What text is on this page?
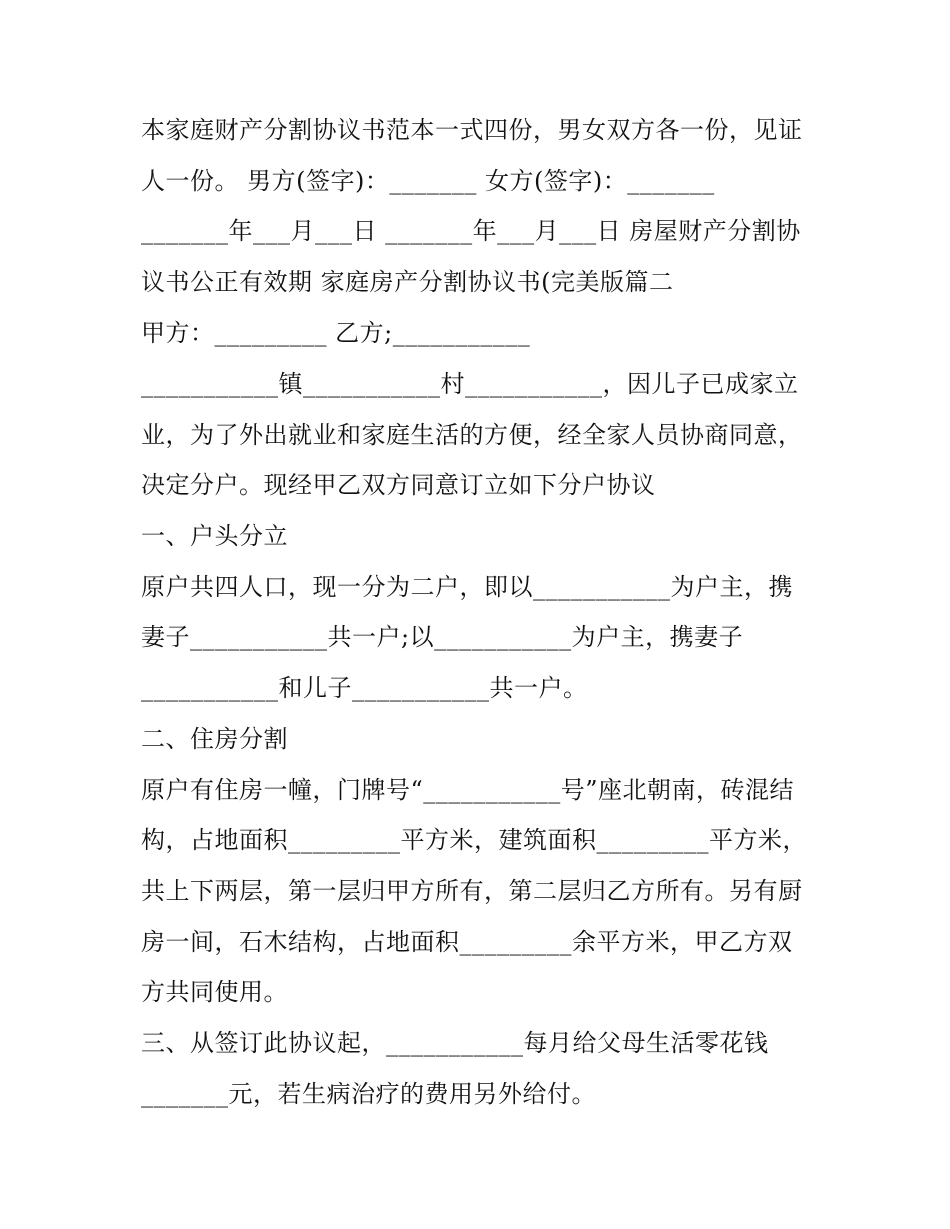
本家庭财产分割协议书范本一式四份，男女双方各一份，见证
人一份。 男方(签字)：_______ 女方(签字)：_______
_______年___月___日 _______年___月___日 房屋财产分割协
议书公正有效期 家庭房产分割协议书(完美版篇二
甲方：_________ 乙方;___________
___________镇___________村___________，因儿子已成家立
业，为了外出就业和家庭生活的方便，经全家人员协商同意，
决定分户。现经甲乙双方同意订立如下分户协议
一、户头分立
原户共四人口，现一分为二户，即以___________为户主，携
妻子___________共一户;以___________为户主，携妻子
___________和儿子___________共一户。
二、住房分割
原户有住房一幢，门牌号“___________号”座北朝南，砖混结
构，占地面积_________平方米，建筑面积_________平方米，
共上下两层，第一层归甲方所有，第二层归乙方所有。另有厨
房一间，石木结构，占地面积_________余平方米，甲乙方双
方共同使用。
三、从签订此协议起，___________每月给父母生活零花钱
_______元，若生病治疗的费用另外给付。
